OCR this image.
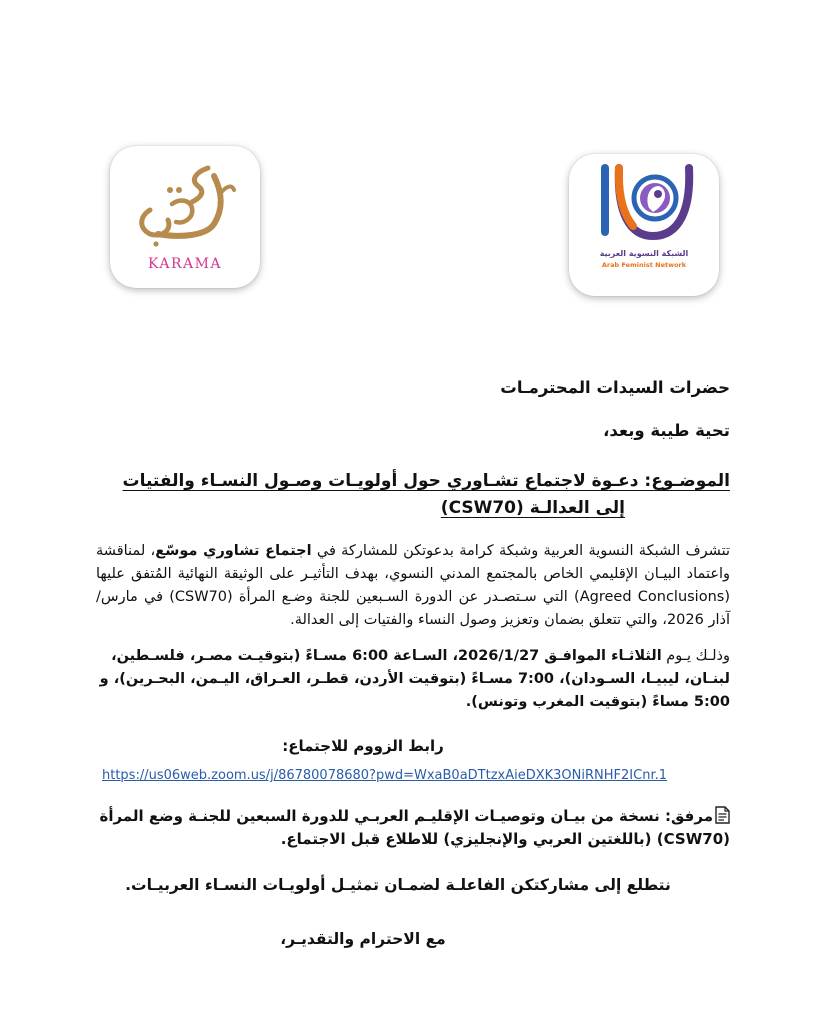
KARAMA
الشبكة النسوية العربية
Arab Feminist Network
حضرات السيدات المحترمـات
تحية طيبة وبعد،
الموضـوع: دعـوة لاجتماع تشـاوري حول أولويـات وصـول النسـاء والفتيات
إلى العدالـة (CSW70)
تتشرف الشبكة النسوية العربية وشبكة كرامة بدعوتكن للمشاركة في اجتماع تشاوري موسّع، لمناقشة واعتماد البيـان الإقليمي الخاص بالمجتمع المدني النسوي، بهدف التأثيـر على الوثيقة النهائية المُتفق عليها (Agreed Conclusions) التي سـتصـدر عن الدورة السـبعين للجنة وضـع المرأة (CSW70) في مارس/آذار 2026، والتي تتعلق بضمان وتعزيز وصول النساء والفتيات إلى العدالة.
وذلـك يـوم الثلاثـاء الموافـق 2026/1/27، السـاعة 6:00 مسـاءً (بتوقيـت مصـر، فلسـطين، لبنـان، ليبيـا، السـودان)، 7:00 مسـاءً (بتوقيت الأردن، قطـر، العـراق، اليـمن، البحـرين)، و 5:00 مساءً (بتوقيت المغرب وتونس).
رابط الزووم للاجتماع:
https://us06web.zoom.us/j/86780078680?pwd=WxaB0aDTtzxAieDXK3ONiRNHF2ICnr.1
مرفق: نسخة من بيـان وتوصيـات الإقليـم العربـي للدورة السبعين للجنـة وضع المرأة (CSW70) (باللغتين العربي والإنجليزي) للاطلاع قبل الاجتماع.
نتطلع إلى مشاركتكن الفاعلـة لضمـان تمثيـل أولويـات النسـاء العربيـات.
مع الاحترام والتقديـر،
